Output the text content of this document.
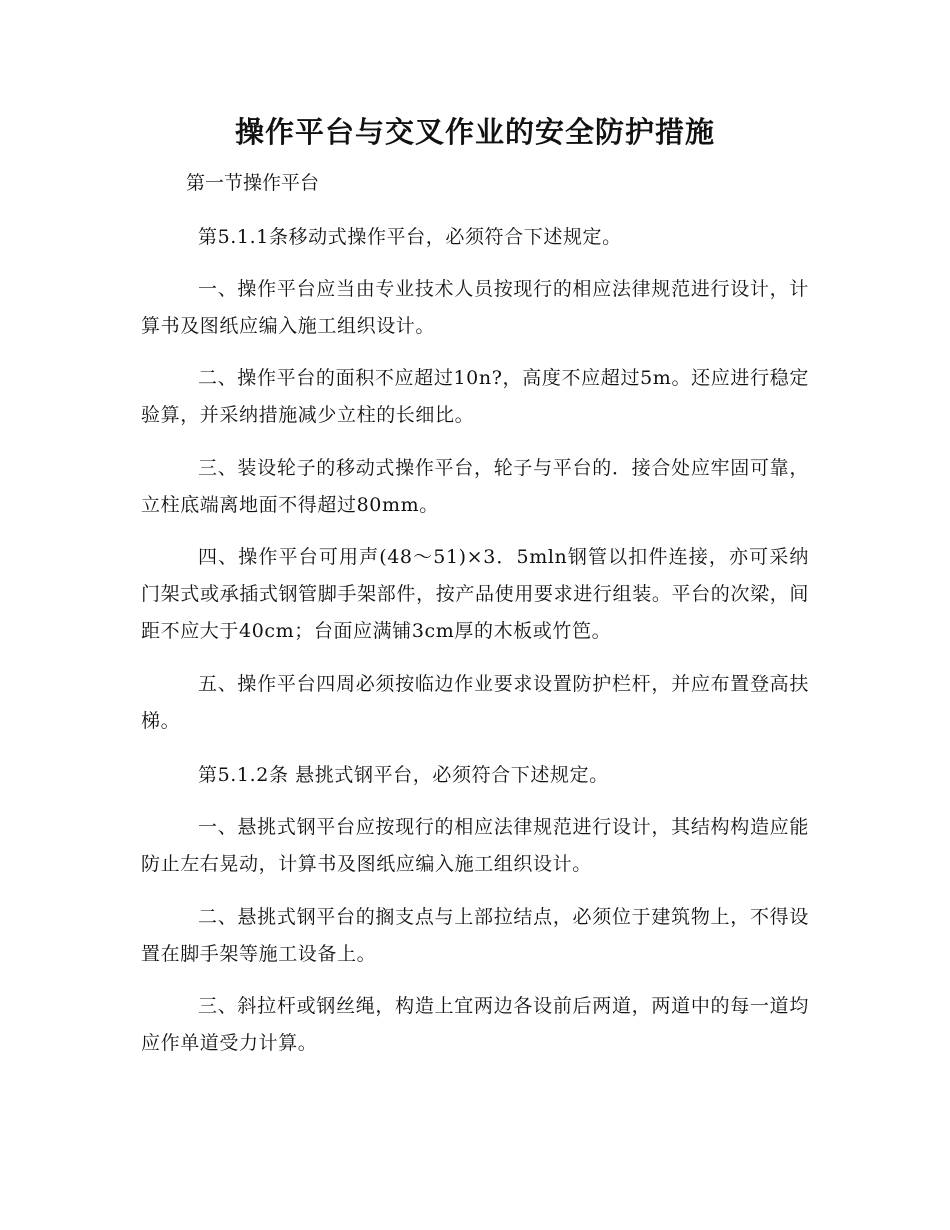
操作平台与交叉作业的安全防护措施

第一节操作平台

第5.1.1条移动式操作平台，必须符合下述规定。

一、操作平台应当由专业技术人员按现行的相应法律规范进行设计，计算书及图纸应编入施工组织设计。

二、操作平台的面积不应超过10n?，高度不应超过5m。还应进行稳定验算，并采纳措施减少立柱的长细比。

三、装设轮子的移动式操作平台，轮子与平台的．接合处应牢固可靠，立柱底端离地面不得超过80mm。

四、操作平台可用声(48～51)×3．5mln钢管以扣件连接，亦可采纳门架式或承插式钢管脚手架部件，按产品使用要求进行组装。平台的次梁，间距不应大于40cm；台面应满铺3cm厚的木板或竹笆。

五、操作平台四周必须按临边作业要求设置防护栏杆，并应布置登高扶梯。

第5.1.2条 悬挑式钢平台，必须符合下述规定。

一、悬挑式钢平台应按现行的相应法律规范进行设计，其结构构造应能防止左右晃动，计算书及图纸应编入施工组织设计。

二、悬挑式钢平台的搁支点与上部拉结点，必须位于建筑物上，不得设置在脚手架等施工设备上。

三、斜拉杆或钢丝绳，构造上宜两边各设前后两道，两道中的每一道均应作单道受力计算。
